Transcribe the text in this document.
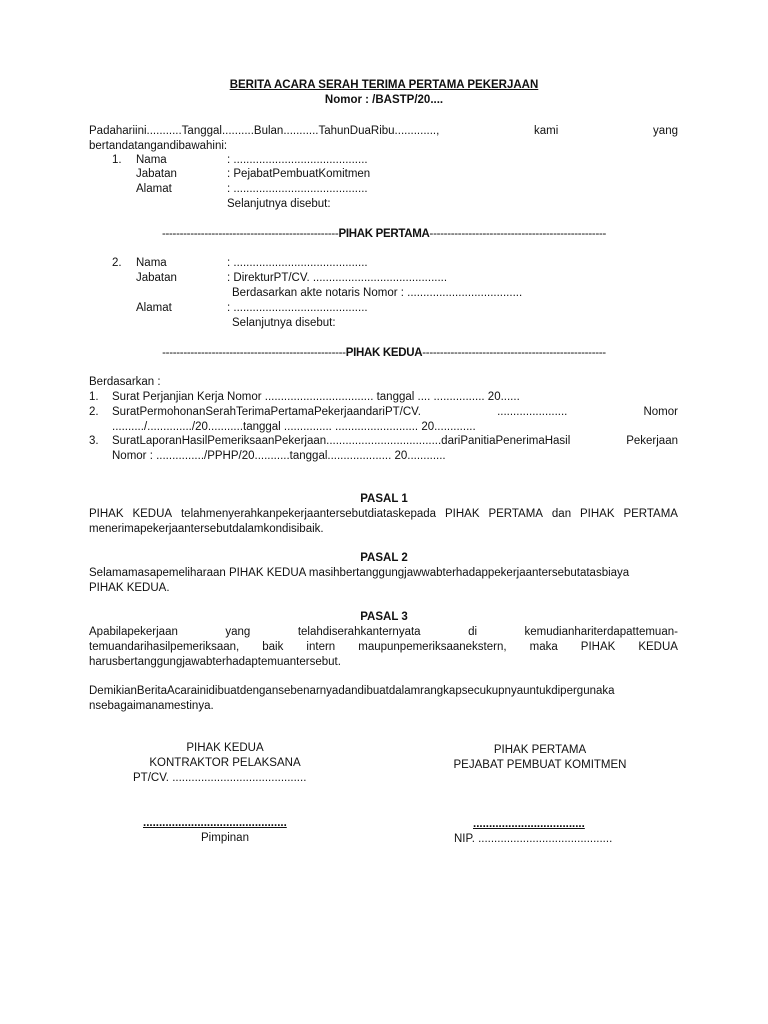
BERITA ACARA SERAH TERIMA PERTAMA PEKERJAAN
Nomor : /BASTP/20....
Padahariini...........Tanggal..........Bulan...........TahunDuaRibu.............,	kami	yang
bertandatangandibawahini:
1. Nama	: ..........................................
Jabatan	: PejabatPembuatKomitmen
Alamat	: ..........................................
Selanjutnya disebut:
--------------------------------------------------PIHAK PERTAMA--------------------------------------------------
2. Nama	: ..........................................
Jabatan	: DirekturPT/CV. ..........................................
Berdasarkan akte notaris Nomor : ....................................
Alamat	: ..........................................
Selanjutnya disebut:
----------------------------------------------------PIHAK KEDUA----------------------------------------------------
Berdasarkan :
1. Surat Perjanjian Kerja Nomor .................................. tanggal .... ................ 20......
2. SuratPermohonanSerahTerimaPertamaPekerjaandariPT/CV.	......................	Nomor
........../............../20...........tanggal ............... .......................... 20.............
3. SuratLaporanHasilPemeriksaanPekerjaan....................................dariPanitiaPenerimaHasil	Pekerjaan
Nomor : .............../PPHP/20...........tanggal.................... 20............
PASAL 1
PIHAK KEDUA telahmenyerahkanpekerjaantersebutdiataskepada PIHAK PERTAMA dan PIHAK PERTAMA
menerimapekerjaantersebutdalamkondisibaik.
PASAL 2
Selamamasapemeliharaan PIHAK KEDUA masihbertanggungjawwabterhadappekerjaantersebutatasbiaya
PIHAK KEDUA.
PASAL 3
Apabilapekerjaan	yang	telahdiserahkanternyata	di	kemudianhariterdapattemuan-
temuandarihasilpemeriksaan, baik intern maupunpemeriksaanekstern, maka PIHAK KEDUA
harusbertanggungjawabterhadaptemuantersebut.
DemikianBeritaAcarainidibuatdengansebenarnyadandibuatdalamrangkapsecukupnyauntukdipergunaka
nsebagaimanamestinya.
PIHAK KEDUA
KONTRAKTOR PELAKSANA
PT/CV. ..........................................
.............................................
Pimpinan
PIHAK PERTAMA
PEJABAT PEMBUAT KOMITMEN
...................................
NIP. ..........................................
